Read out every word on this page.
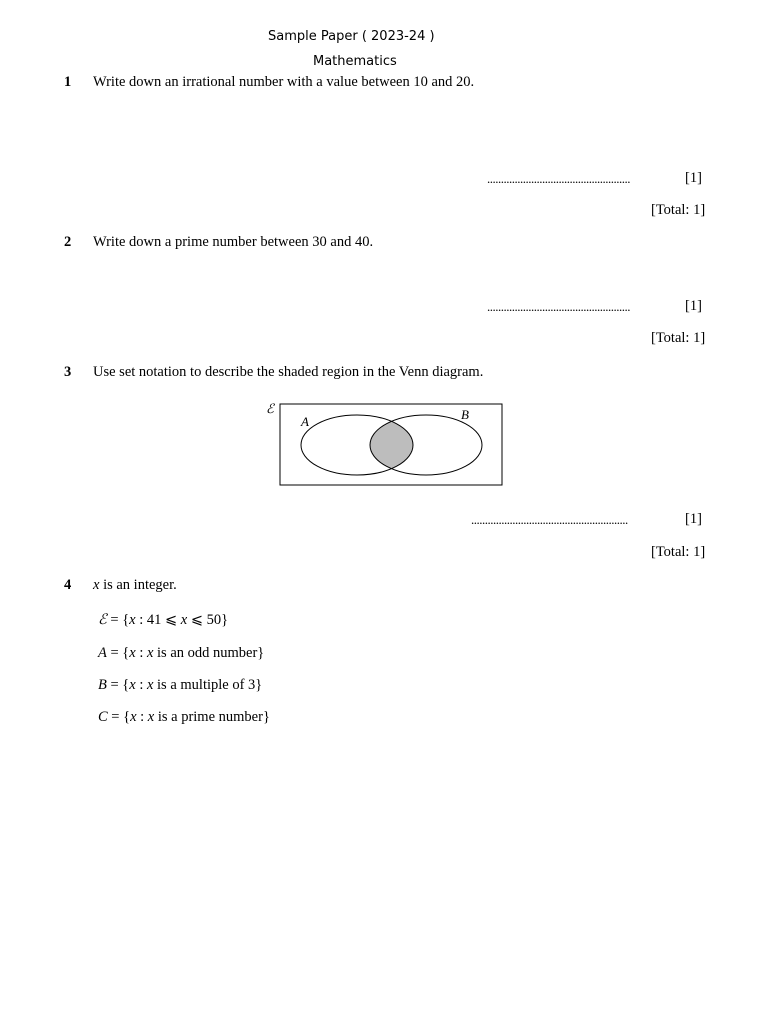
Sample Paper ( 2023-24 )
Mathematics
1 Write down an irrational number with a value between 10 and 20.
....................................................	[1]
[Total: 1]
2 Write down a prime number between 30 and 40.
....................................................	[1]
[Total: 1]
3 Use set notation to describe the shaded region in the Venn diagram.
ℰ
A	B
.........................................................	[1]
[Total: 1]
4 x is an integer.
ℰ = {x : 41 ⩽ x ⩽ 50}
A = {x : x is an odd number}
B = {x : x is a multiple of 3}
C = {x : x is a prime number}
